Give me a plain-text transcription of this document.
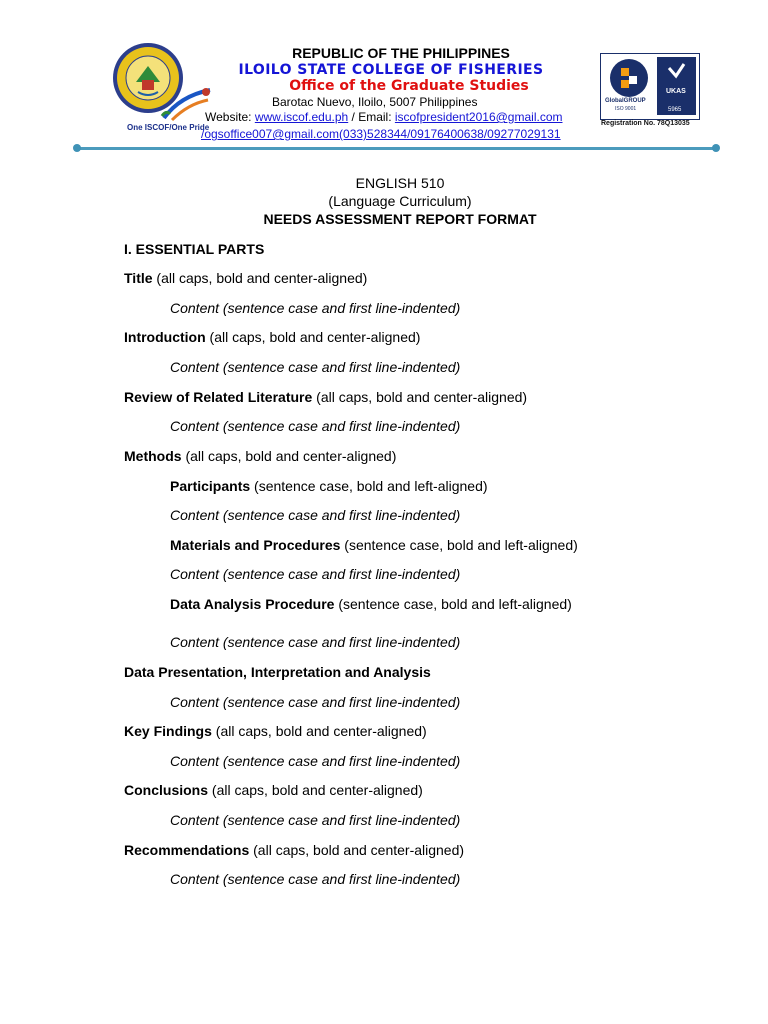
One ISCOF/One Pride
REPUBLIC OF THE PHILIPPINES
ILOILO STATE COLLEGE OF FISHERIES
Office of the Graduate Studies
Barotac Nuevo, Iloilo, 5007 Philippines
Website: www.iscof.edu.ph / Email: iscofpresident2016@gmail.com
/ogsoffice007@gmail.com(033)528344/09176400638/09277029131
GlobalGROUP
ISO 9001
UKAS
5965
Registration No. 78Q13035
ENGLISH 510
(Language Curriculum)
NEEDS ASSESSMENT REPORT FORMAT
I. ESSENTIAL PARTS
Title (all caps, bold and center-aligned)
Content (sentence case and first line-indented)
Introduction (all caps, bold and center-aligned)
Content (sentence case and first line-indented)
Review of Related Literature (all caps, bold and center-aligned)
Content (sentence case and first line-indented)
Methods (all caps, bold and center-aligned)
Participants (sentence case, bold and left-aligned)
Content (sentence case and first line-indented)
Materials and Procedures (sentence case, bold and left-aligned)
Content (sentence case and first line-indented)
Data Analysis Procedure (sentence case, bold and left-aligned)
Content (sentence case and first line-indented)
Data Presentation, Interpretation and Analysis
Content (sentence case and first line-indented)
Key Findings (all caps, bold and center-aligned)
Content (sentence case and first line-indented)
Conclusions (all caps, bold and center-aligned)
Content (sentence case and first line-indented)
Recommendations (all caps, bold and center-aligned)
Content (sentence case and first line-indented)
